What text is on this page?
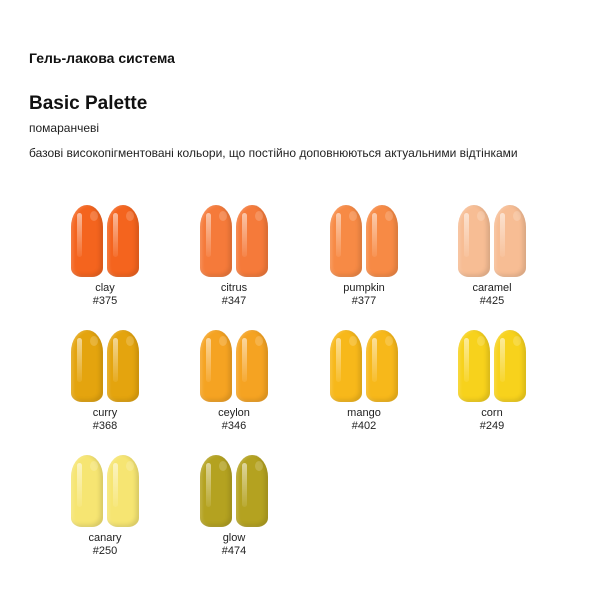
Гель-лакова система
Basic Palette
помаранчеві
базові високопігментовані кольори, що постійно доповнюються актуальними відтінками
clay
#375
citrus
#347
pumpkin
#377
caramel
#425
curry
#368
ceylon
#346
mango
#402
corn
#249
canary
#250
glow
#474
